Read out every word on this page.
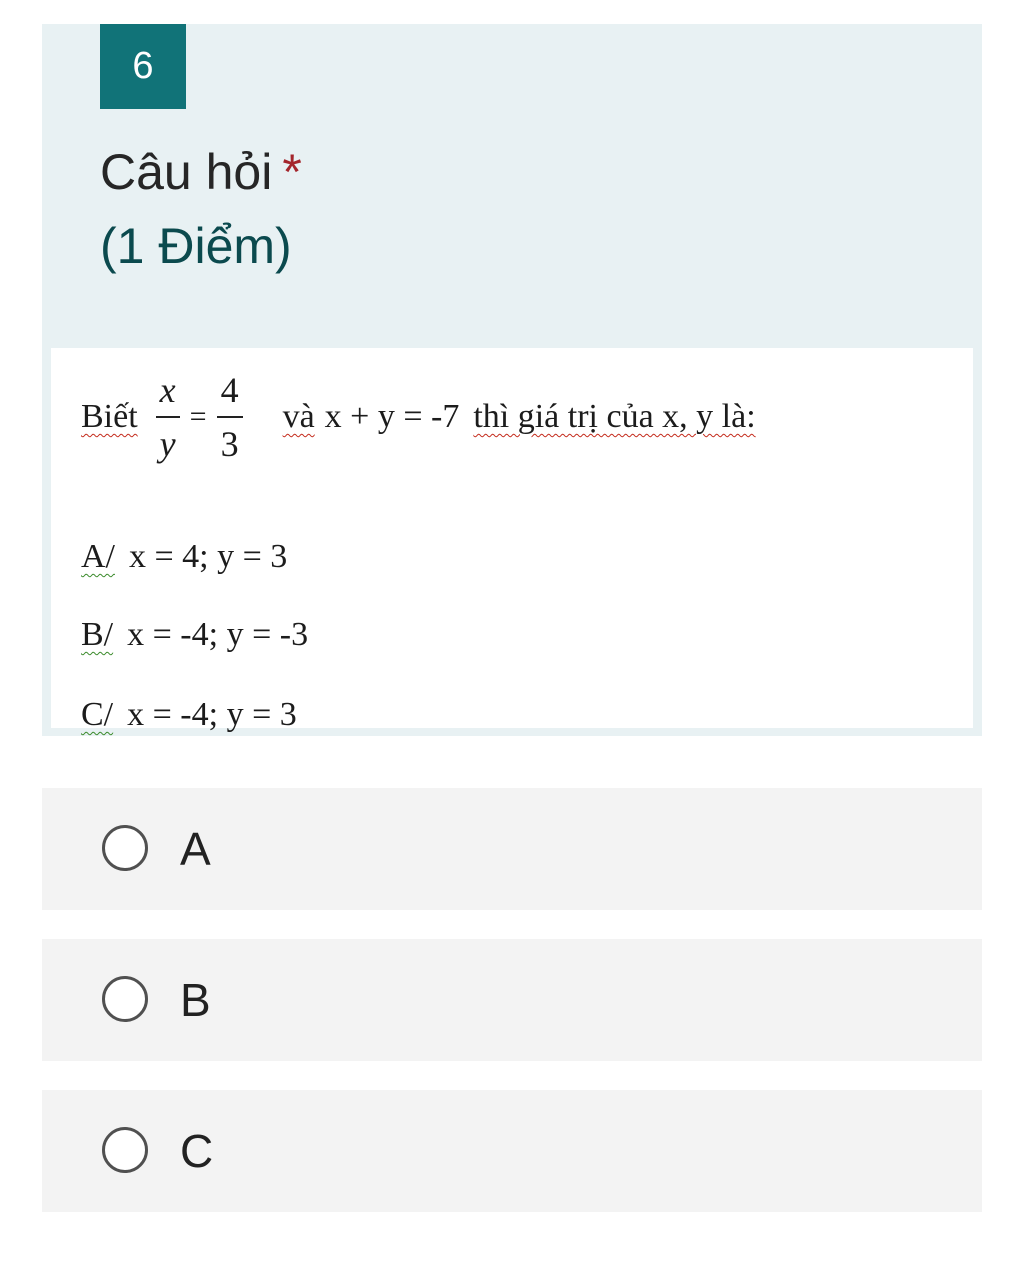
6
Câu hỏi *
(1 Điểm)
Biết $\frac{x}{y} = \frac{4}{3}$ và x + y = -7 thì giá trị của x, y là:
A/ x = 4; y = 3
B/ x = -4; y = -3
C/ x = -4; y = 3
A
B
C
